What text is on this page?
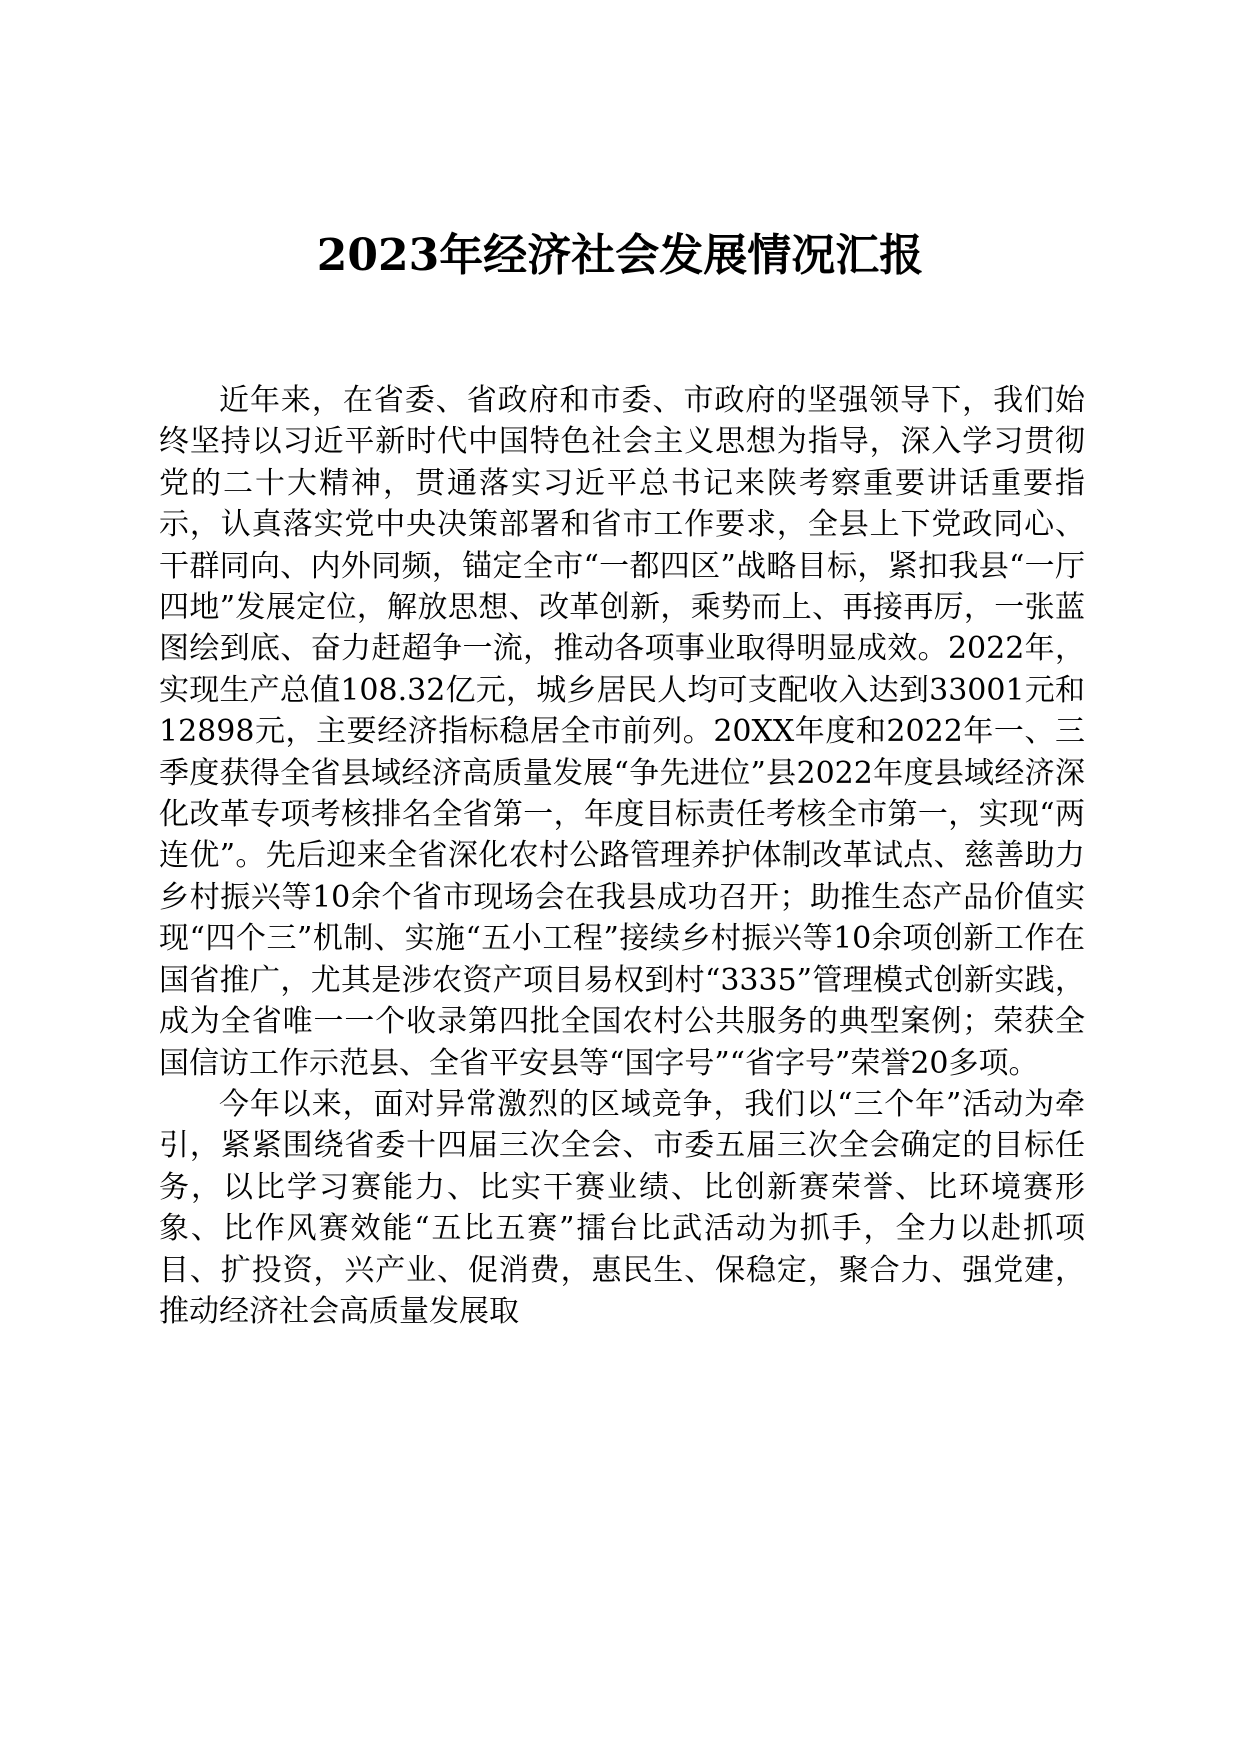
2023年经济社会发展情况汇报

近年来，在省委、省政府和市委、市政府的坚强领导下，我们始终坚持以习近平新时代中国特色社会主义思想为指导，深入学习贯彻党的二十大精神，贯通落实习近平总书记来陕考察重要讲话重要指示，认真落实党中央决策部署和省市工作要求，全县上下党政同心、干群同向、内外同频，锚定全市“一都四区”战略目标，紧扣我县“一厅四地”发展定位，解放思想、改革创新，乘势而上、再接再厉，一张蓝图绘到底、奋力赶超争一流，推动各项事业取得明显成效。2022年，实现生产总值108.32亿元，城乡居民人均可支配收入达到33001元和12898元，主要经济指标稳居全市前列。20XX年度和2022年一、三季度获得全省县域经济高质量发展“争先进位”县2022年度县域经济深化改革专项考核排名全省第一，年度目标责任考核全市第一，实现“两连优”。先后迎来全省深化农村公路管理养护体制改革试点、慈善助力乡村振兴等10余个省市现场会在我县成功召开；助推生态产品价值实现“四个三”机制、实施“五小工程”接续乡村振兴等10余项创新工作在国省推广，尤其是涉农资产项目易权到村“3335”管理模式创新实践，成为全省唯一一个收录第四批全国农村公共服务的典型案例；荣获全国信访工作示范县、全省平安县等“国字号”“省字号”荣誉20多项。

今年以来，面对异常激烈的区域竞争，我们以“三个年”活动为牵引，紧紧围绕省委十四届三次全会、市委五届三次全会确定的目标任务，以比学习赛能力、比实干赛业绩、比创新赛荣誉、比环境赛形象、比作风赛效能“五比五赛”擂台比武活动为抓手，全力以赴抓项目、扩投资，兴产业、促消费，惠民生、保稳定，聚合力、强党建，推动经济社会高质量发展取
